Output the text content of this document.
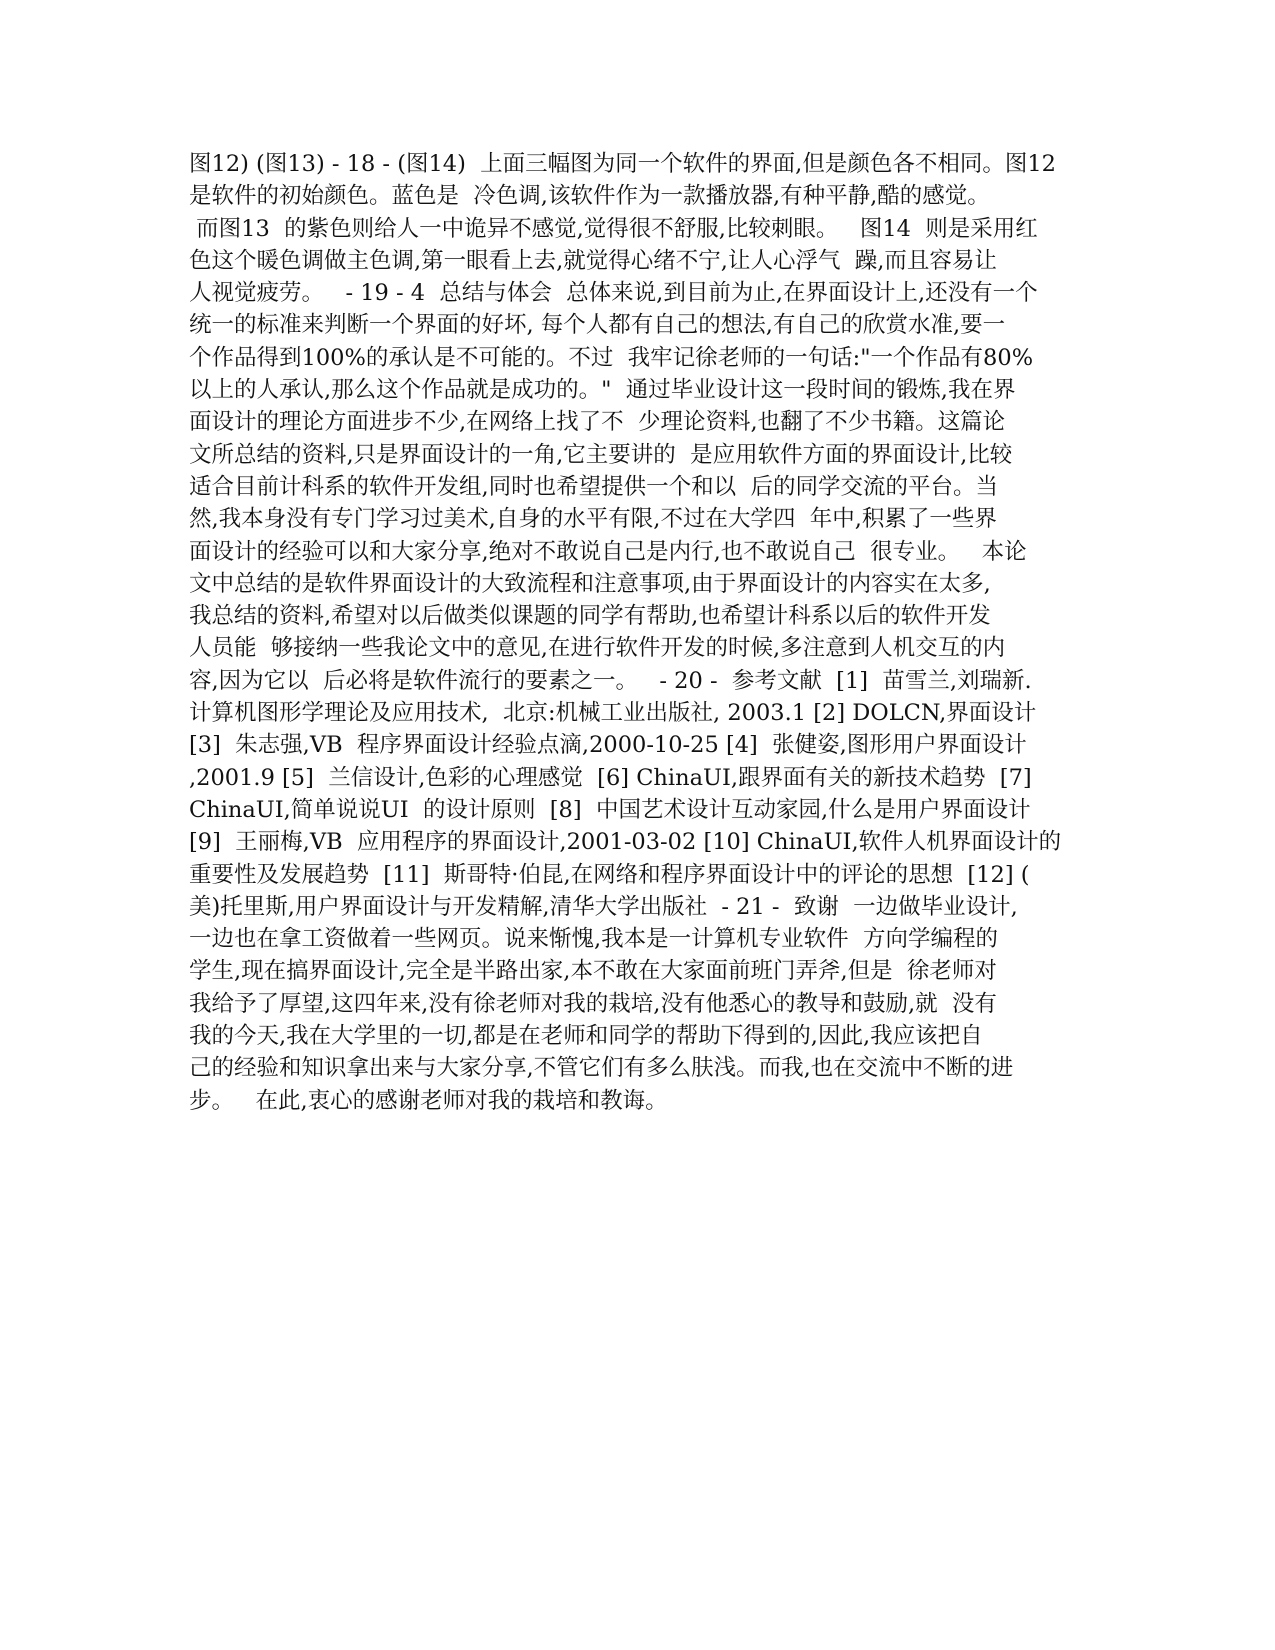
图12) (图13) - 18 - (图14)  上面三幅图为同一个软件的界面,但是颜色各不相同。图12
是软件的初始颜色。蓝色是  冷色调,该软件作为一款播放器,有种平静,酷的感觉。
而图13  的紫色则给人一中诡异不感觉,觉得很不舒服,比较刺眼。   图14  则是采用红
色这个暖色调做主色调,第一眼看上去,就觉得心绪不宁,让人心浮气  躁,而且容易让
人视觉疲劳。   - 19 - 4  总结与体会  总体来说,到目前为止,在界面设计上,还没有一个
统一的标准来判断一个界面的好坏, 每个人都有自己的想法,有自己的欣赏水准,要一
个作品得到100%的承认是不可能的。不过  我牢记徐老师的一句话:"一个作品有80%
以上的人承认,那么这个作品就是成功的。"  通过毕业设计这一段时间的锻炼,我在界
面设计的理论方面进步不少,在网络上找了不  少理论资料,也翻了不少书籍。这篇论
文所总结的资料,只是界面设计的一角,它主要讲的  是应用软件方面的界面设计,比较
适合目前计科系的软件开发组,同时也希望提供一个和以  后的同学交流的平台。当
然,我本身没有专门学习过美术,自身的水平有限,不过在大学四  年中,积累了一些界
面设计的经验可以和大家分享,绝对不敢说自己是内行,也不敢说自己  很专业。   本论
文中总结的是软件界面设计的大致流程和注意事项,由于界面设计的内容实在太多,
我总结的资料,希望对以后做类似课题的同学有帮助,也希望计科系以后的软件开发
人员能  够接纳一些我论文中的意见,在进行软件开发的时候,多注意到人机交互的内
容,因为它以  后必将是软件流行的要素之一。   - 20 -  参考文献  [1]  苗雪兰,刘瑞新.
计算机图形学理论及应用技术,  北京:机械工业出版社, 2003.1 [2] DOLCN,界面设计
[3]  朱志强,VB  程序界面设计经验点滴,2000-10-25 [4]  张健姿,图形用户界面设计
,2001.9 [5]  兰信设计,色彩的心理感觉  [6] ChinaUI,跟界面有关的新技术趋势  [7]
ChinaUI,简单说说UI  的设计原则  [8]  中国艺术设计互动家园,什么是用户界面设计
[9]  王丽梅,VB  应用程序的界面设计,2001-03-02 [10] ChinaUI,软件人机界面设计的
重要性及发展趋势  [11]  斯哥特·伯昆,在网络和程序界面设计中的评论的思想  [12] (
美)托里斯,用户界面设计与开发精解,清华大学出版社  - 21 -  致谢  一边做毕业设计,
一边也在拿工资做着一些网页。说来惭愧,我本是一计算机专业软件  方向学编程的
学生,现在搞界面设计,完全是半路出家,本不敢在大家面前班门弄斧,但是  徐老师对
我给予了厚望,这四年来,没有徐老师对我的栽培,没有他悉心的教导和鼓励,就  没有
我的今天,我在大学里的一切,都是在老师和同学的帮助下得到的,因此,我应该把自
己的经验和知识拿出来与大家分享,不管它们有多么肤浅。而我,也在交流中不断的进
步。   在此,衷心的感谢老师对我的栽培和教诲。
